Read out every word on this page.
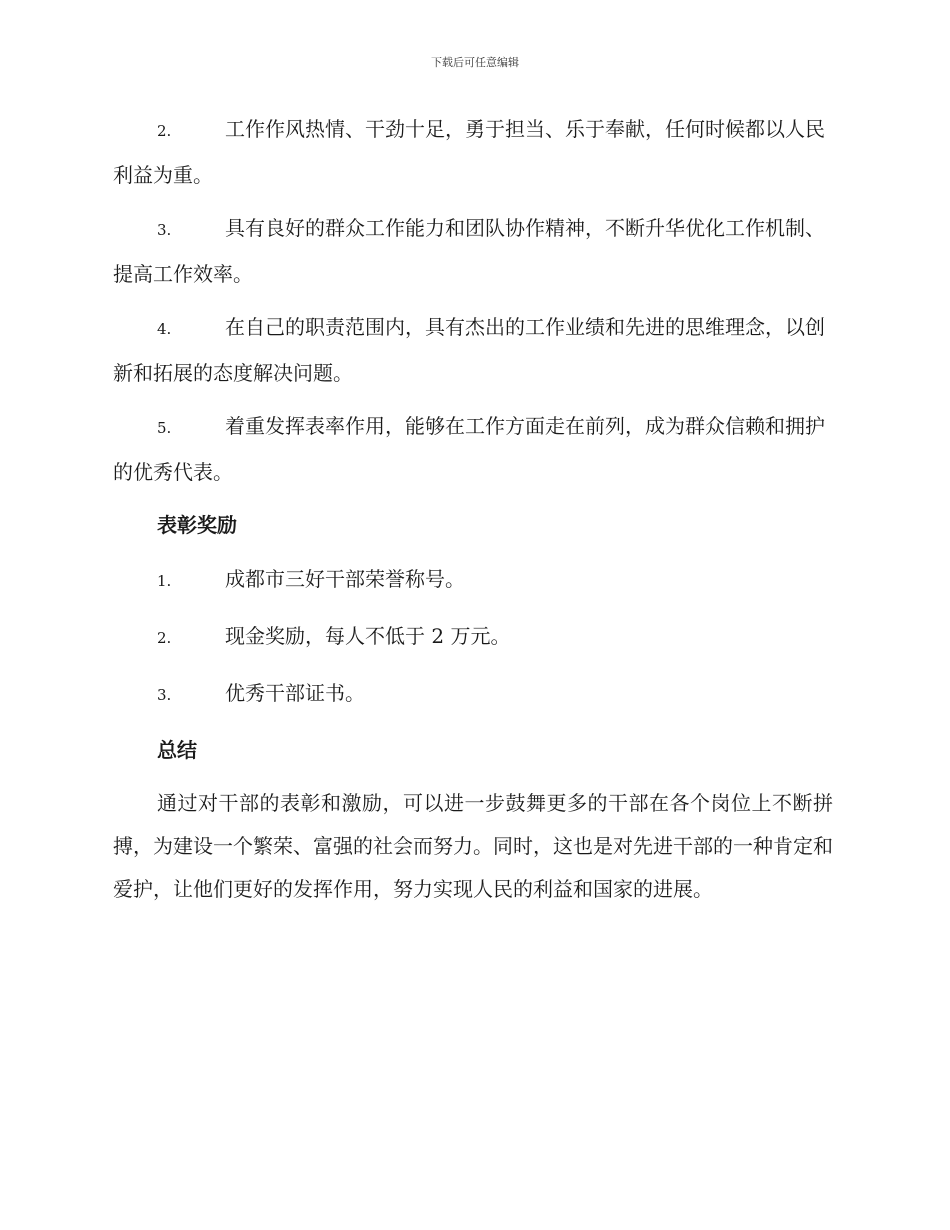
下载后可任意编辑
2.	工作作风热情、干劲十足，勇于担当、乐于奉献，任何时候都以人民利益为重。
3.	具有良好的群众工作能力和团队协作精神，不断升华优化工作机制、提高工作效率。
4.	在自己的职责范围内，具有杰出的工作业绩和先进的思维理念，以创新和拓展的态度解决问题。
5.	着重发挥表率作用，能够在工作方面走在前列，成为群众信赖和拥护的优秀代表。
表彰奖励
1.	成都市三好干部荣誉称号。
2.	现金奖励，每人不低于 2 万元。
3.	优秀干部证书。
总结
通过对干部的表彰和激励，可以进一步鼓舞更多的干部在各个岗位上不断拼搏，为建设一个繁荣、富强的社会而努力。同时，这也是对先进干部的一种肯定和爱护，让他们更好的发挥作用，努力实现人民的利益和国家的进展。
